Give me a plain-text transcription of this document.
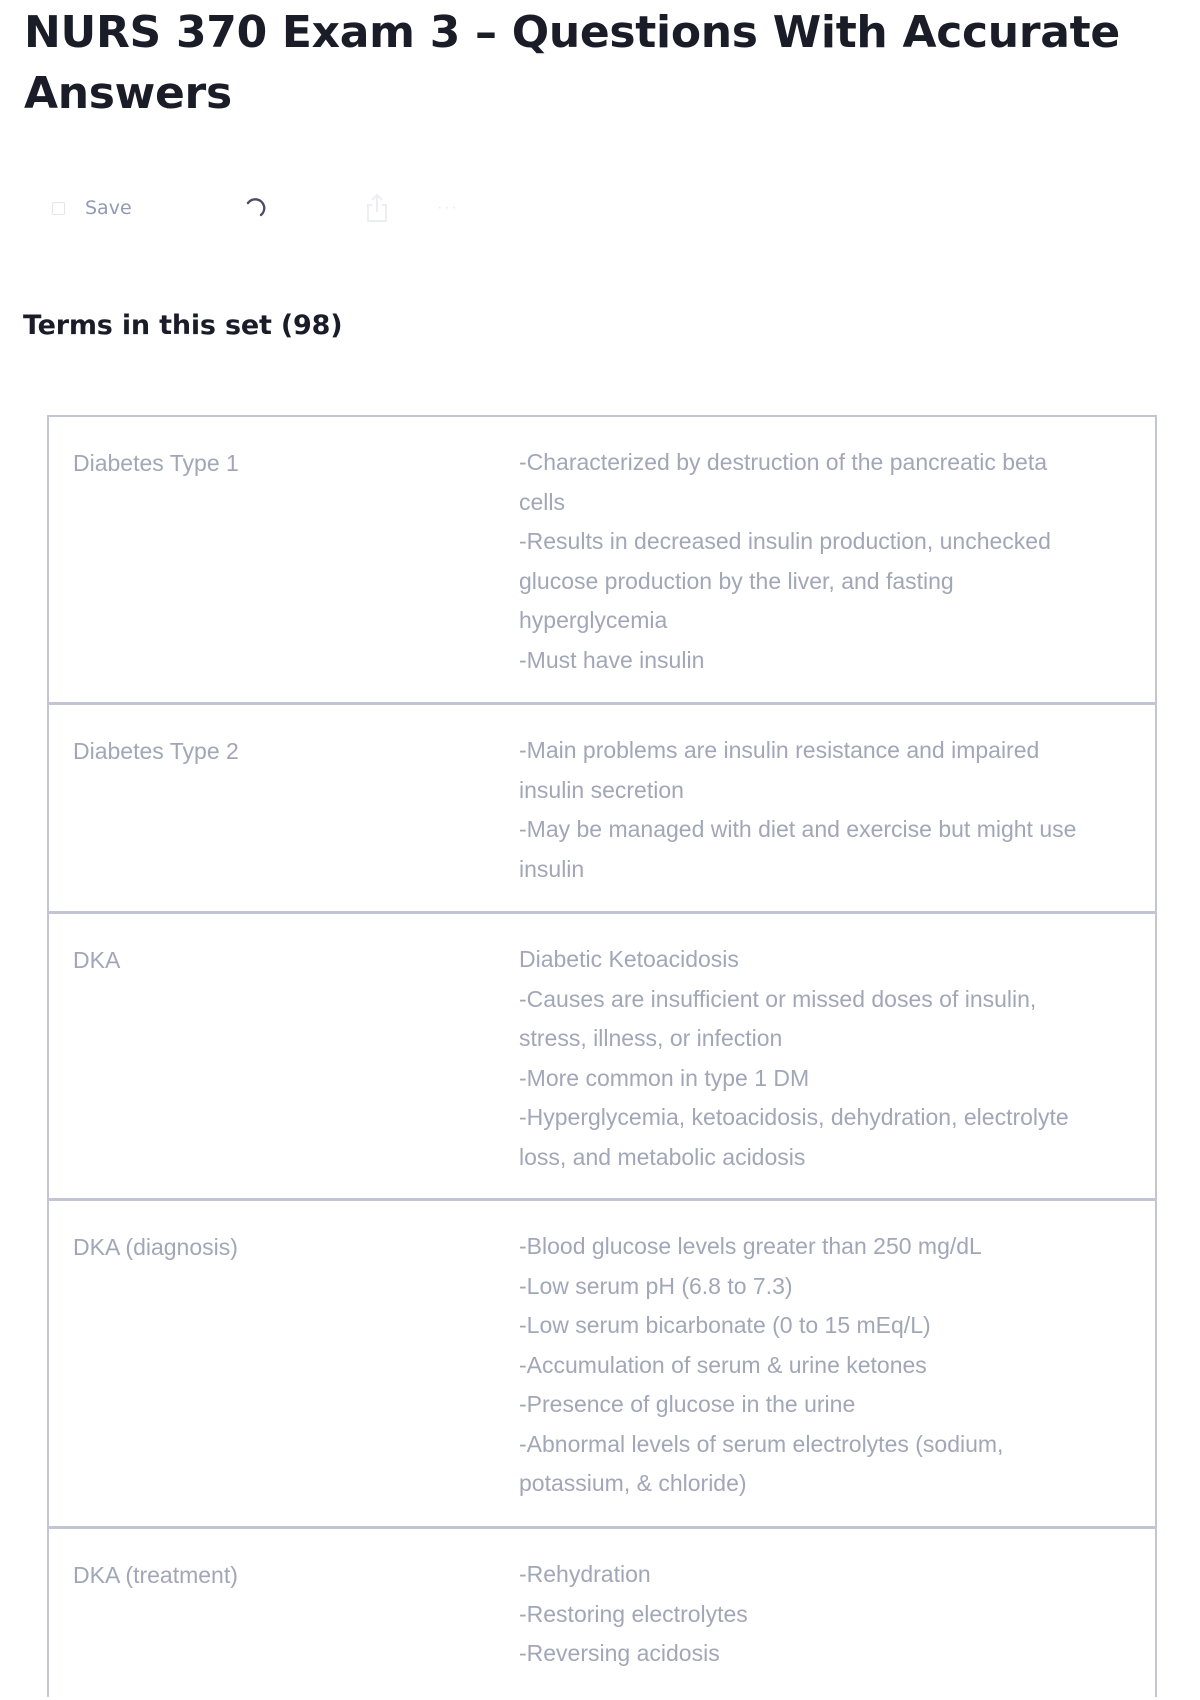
NURS 370 Exam 3 – Questions With Accurate Answers
Save	···
Terms in this set (98)
Diabetes Type 1	-Characterized by destruction of the pancreatic beta cells
-Results in decreased insulin production, unchecked glucose production by the liver, and fasting hyperglycemia
-Must have insulin
Diabetes Type 2	-Main problems are insulin resistance and impaired insulin secretion
-May be managed with diet and exercise but might use insulin
DKA	Diabetic Ketoacidosis
-Causes are insufficient or missed doses of insulin, stress, illness, or infection
-More common in type 1 DM
-Hyperglycemia, ketoacidosis, dehydration, electrolyte loss, and metabolic acidosis
DKA (diagnosis)	-Blood glucose levels greater than 250 mg/dL
-Low serum pH (6.8 to 7.3)
-Low serum bicarbonate (0 to 15 mEq/L)
-Accumulation of serum & urine ketones
-Presence of glucose in the urine
-Abnormal levels of serum electrolytes (sodium, potassium, & chloride)
DKA (treatment)	-Rehydration
-Restoring electrolytes
-Reversing acidosis
